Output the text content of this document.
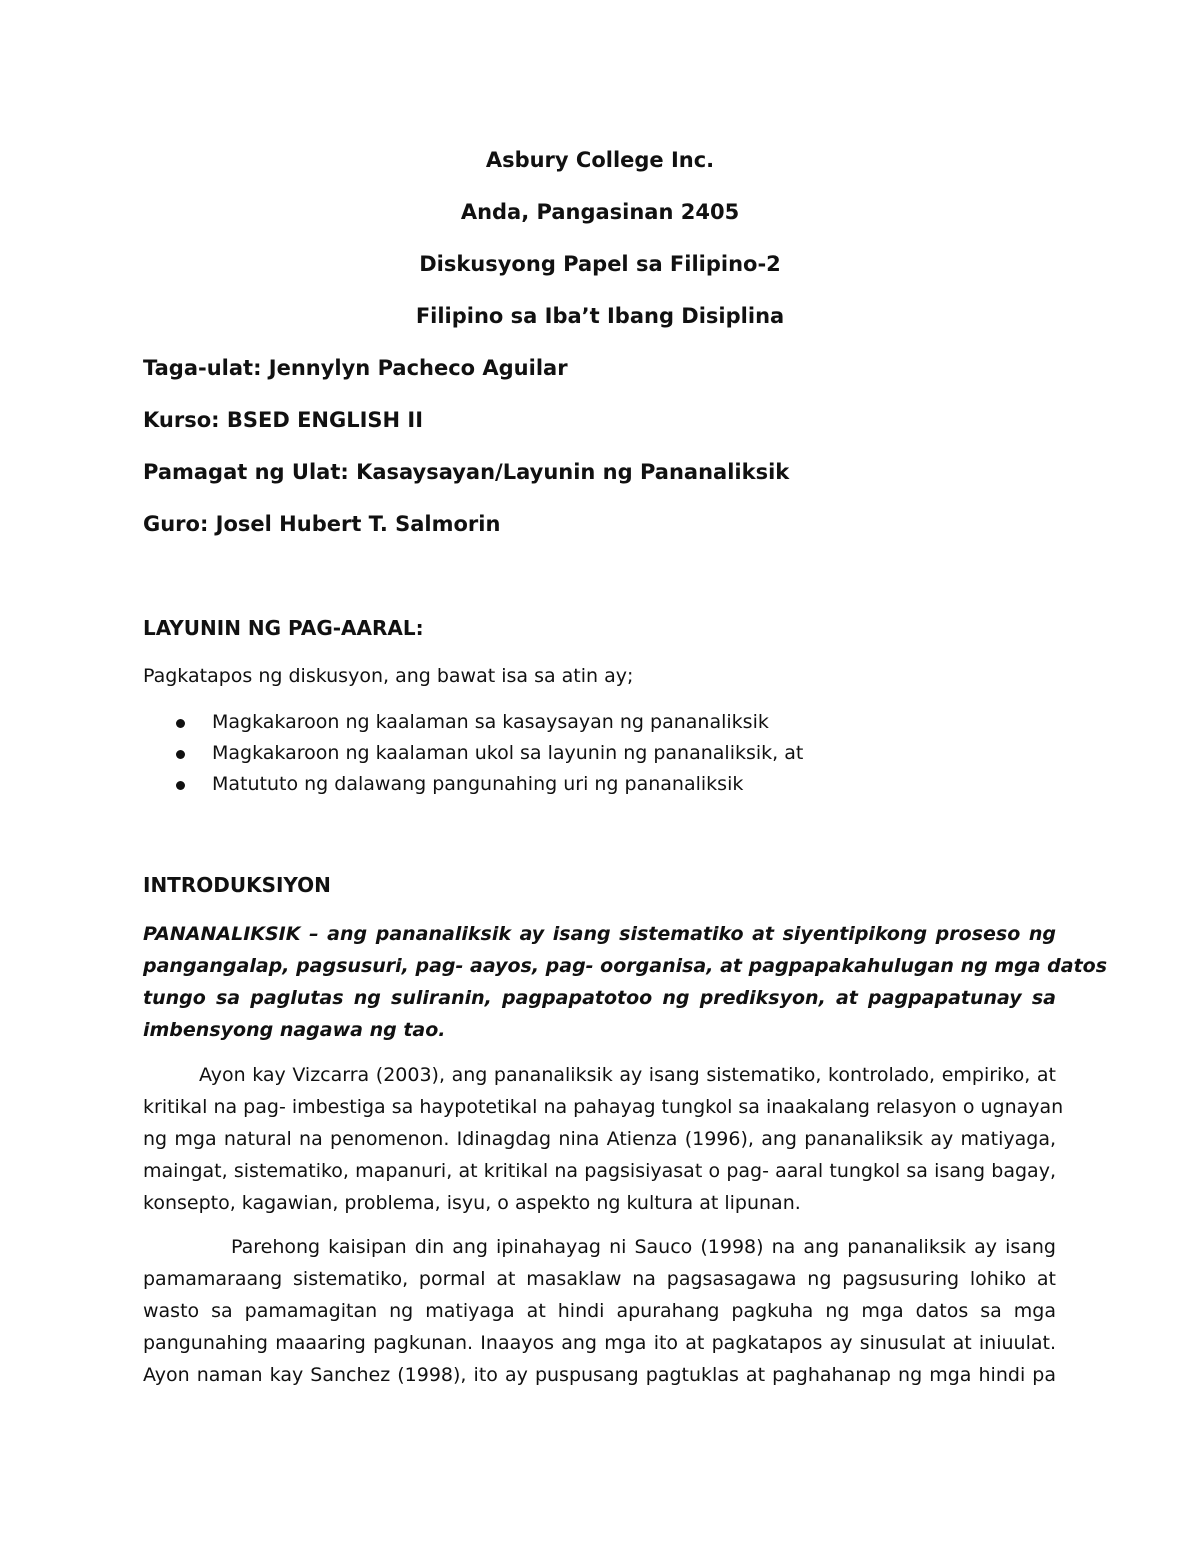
Asbury College Inc.
Anda, Pangasinan 2405
Diskusyong Papel sa Filipino-2
Filipino sa Iba’t Ibang Disiplina
Taga-ulat: Jennylyn Pacheco Aguilar
Kurso: BSED ENGLISH II
Pamagat ng Ulat: Kasaysayan/Layunin ng Pananaliksik
Guro: Josel Hubert T. Salmorin
LAYUNIN NG PAG-AARAL:
Pagkatapos ng diskusyon, ang bawat isa sa atin ay;
Magkakaroon ng kaalaman sa kasaysayan ng pananaliksik
Magkakaroon ng kaalaman ukol sa layunin ng pananaliksik, at
Matututo ng dalawang pangunahing uri ng pananaliksik
INTRODUKSIYON
PANANALIKSIK – ang pananaliksik ay isang sistematiko at siyentipikong proseso ng
pangangalap, pagsusuri, pag- aayos, pag- oorganisa, at pagpapakahulugan ng mga datos
tungo sa paglutas ng suliranin, pagpapatotoo ng prediksyon, at pagpapatunay sa
imbensyong nagawa ng tao.
Ayon kay Vizcarra (2003), ang pananaliksik ay isang sistematiko, kontrolado, empiriko, at
kritikal na pag- imbestiga sa haypotetikal na pahayag tungkol sa inaakalang relasyon o ugnayan
ng mga natural na penomenon. Idinagdag nina Atienza (1996), ang pananaliksik ay matiyaga,
maingat, sistematiko, mapanuri, at kritikal na pagsisiyasat o pag- aaral tungkol sa isang bagay,
konsepto, kagawian, problema, isyu, o aspekto ng kultura at lipunan.
Parehong kaisipan din ang ipinahayag ni Sauco (1998) na ang pananaliksik ay isang
pamamaraang sistematiko, pormal at masaklaw na pagsasagawa ng pagsusuring lohiko at
wasto sa pamamagitan ng matiyaga at hindi apurahang pagkuha ng mga datos sa mga
pangunahing maaaring pagkunan. Inaayos ang mga ito at pagkatapos ay sinusulat at iniuulat.
Ayon naman kay Sanchez (1998), ito ay puspusang pagtuklas at paghahanap ng mga hindi pa
